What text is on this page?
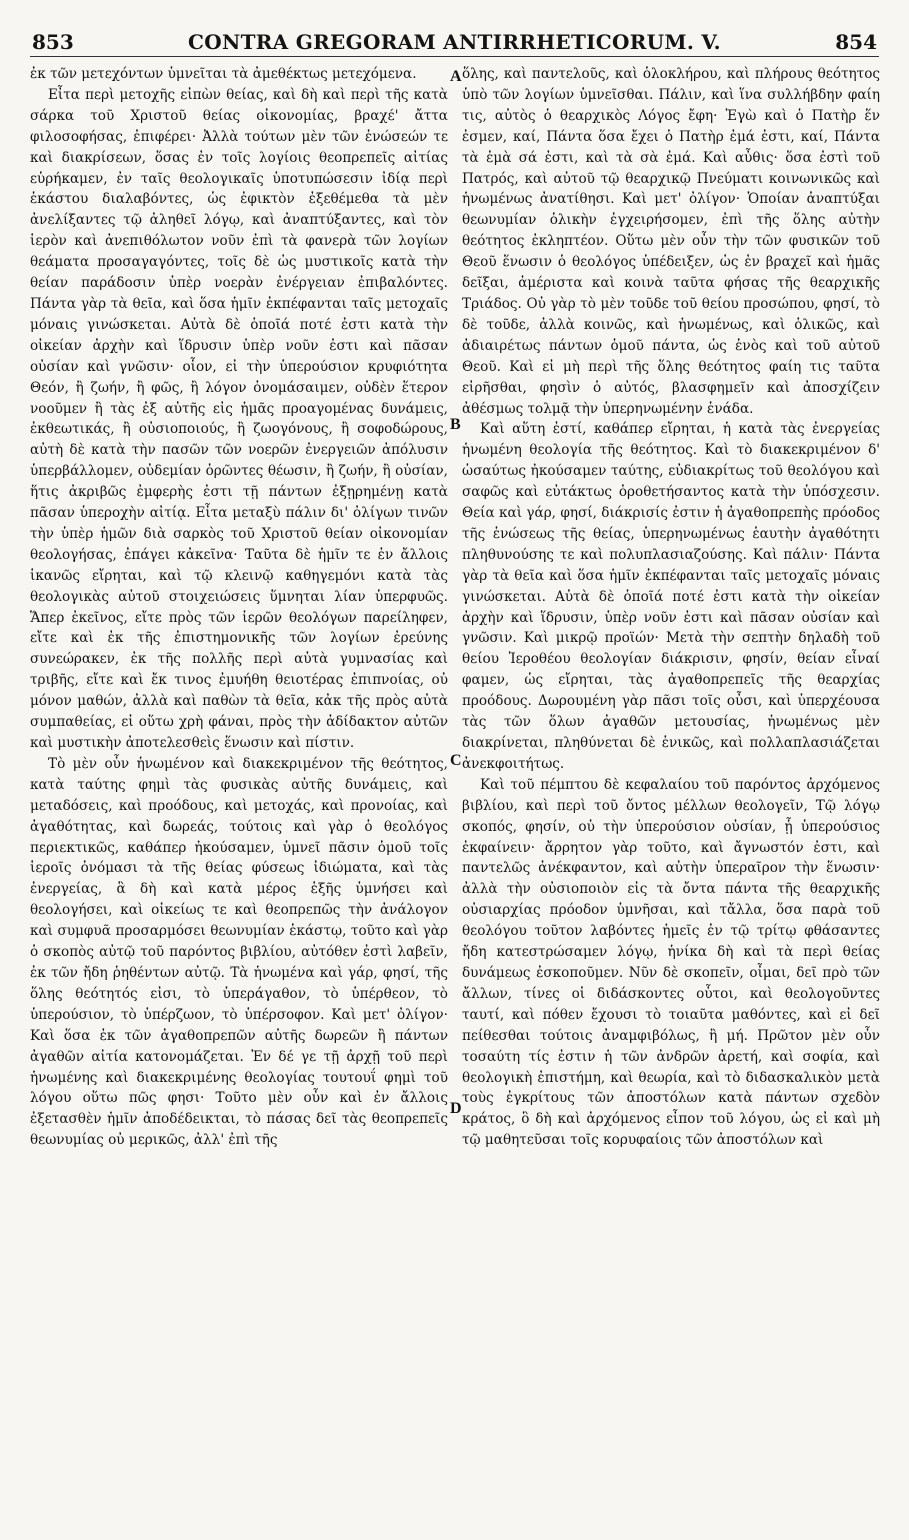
853	CONTRA GREGORAM ANTIRRHETICORUM. V.	854

ἐκ τῶν μετεχόντων ὑμνεῖται τὰ ἀμεθέκτως μετεχόμενα.

Εἶτα περὶ μετοχῆς εἰπὼν θείας, καὶ δὴ καὶ περὶ τῆς κατὰ σάρκα τοῦ Χριστοῦ θείας οἰκονομίας, βραχέ' ἄττα φιλοσοφήσας, ἐπιφέρει· Ἀλλὰ τούτων μὲν τῶν ἑνώσεών τε καὶ διακρίσεων, ὅσας ἐν τοῖς λογίοις θεοπρεπεῖς αἰτίας εὑρήκαμεν, ἐν ταῖς θεολογικαῖς ὑποτυπώσεσιν ἰδίᾳ περὶ ἑκάστου διαλαβόντες, ὡς ἐφικτὸν ἐξεθέμεθα τὰ μὲν ἀνελίξαντες τῷ ἀληθεῖ λόγῳ, καὶ ἀναπτύξαντες, καὶ τὸν ἱερὸν καὶ ἀνεπιθόλωτον νοῦν ἐπὶ τὰ φανερὰ τῶν λογίων θεάματα προσαγαγόντες, τοῖς δὲ ὡς μυστικοῖς κατὰ τὴν θείαν παράδοσιν ὑπὲρ νοερὰν ἐνέργειαν ἐπιβαλόντες. Πάντα γὰρ τὰ θεῖα, καὶ ὅσα ἡμῖν ἐκπέφανται ταῖς μετοχαῖς μόναις γινώσκεται. Αὐτὰ δὲ ὁποῖά ποτέ ἐστι κατὰ τὴν οἰκείαν ἀρχὴν καὶ ἵδρυσιν ὑπὲρ νοῦν ἐστι καὶ πᾶσαν οὐσίαν καὶ γνῶσιν· οἷον, εἰ τὴν ὑπερούσιον κρυφιότητα Θεόν, ἢ ζωήν, ἢ φῶς, ἢ λόγον ὀνομάσαιμεν, οὐδὲν ἕτερον νοοῦμεν ἢ τὰς ἐξ αὐτῆς εἰς ἡμᾶς προαγομένας δυνάμεις, ἐκθεωτικάς, ἢ οὐσιοποιούς, ἢ ζωογόνους, ἢ σοφοδώρους, αὐτὴ δὲ κατὰ τὴν πασῶν τῶν νοερῶν ἐνεργειῶν ἀπόλυσιν ὑπερβάλλομεν, οὐδεμίαν ὁρῶντες θέωσιν, ἢ ζωήν, ἢ οὐσίαν, ἥτις ἀκριβῶς ἐμφερὴς ἐστι τῇ πάντων ἐξῃρημένῃ κατὰ πᾶσαν ὑπεροχὴν αἰτίᾳ. Εἶτα μεταξὺ πάλιν δι' ὀλίγων τινῶν τὴν ὑπὲρ ἡμῶν διὰ σαρκὸς τοῦ Χριστοῦ θείαν οἰκονομίαν θεολογήσας, ἐπάγει κἀκεῖνα· Ταῦτα δὲ ἡμῖν τε ἐν ἄλλοις ἱκανῶς εἴρηται, καὶ τῷ κλεινῷ καθηγεμόνι κατὰ τὰς θεολογικὰς αὐτοῦ στοιχειώσεις ὕμνηται λίαν ὑπερφυῶς. Ἅπερ ἐκεῖνος, εἴτε πρὸς τῶν ἱερῶν θεολόγων παρείληφεν, εἴτε καὶ ἐκ τῆς ἐπιστημονικῆς τῶν λογίων ἐρεύνης συνεώρακεν, ἐκ τῆς πολλῆς περὶ αὐτὰ γυμνασίας καὶ τριβῆς, εἴτε καὶ ἔκ τινος ἐμυήθη θειοτέρας ἐπιπνοίας, οὐ μόνον μαθών, ἀλλὰ καὶ παθὼν τὰ θεῖα, κἀκ τῆς πρὸς αὐτὰ συμπαθείας, εἰ οὕτω χρὴ φάναι, πρὸς τὴν ἀδίδακτον αὐτῶν καὶ μυστικὴν ἀποτελεσθεὶς ἕνωσιν καὶ πίστιν.

Τὸ μὲν οὖν ἡνωμένον καὶ διακεκριμένον τῆς θεότητος, κατὰ ταύτης φημὶ τὰς φυσικὰς αὐτῆς δυνάμεις, καὶ μεταδόσεις, καὶ προόδους, καὶ μετοχάς, καὶ προνοίας, καὶ ἀγαθότητας, καὶ δωρεάς, τούτοις καὶ γὰρ ὁ θεολόγος περιεκτικῶς, καθάπερ ἠκούσαμεν, ὑμνεῖ πᾶσιν ὁμοῦ τοῖς ἱεροῖς ὀνόμασι τὰ τῆς θείας φύσεως ἰδιώματα, καὶ τὰς ἐνεργείας, ἃ δὴ καὶ κατὰ μέρος ἑξῆς ὑμνήσει καὶ θεολογήσει, καὶ οἰκείως τε καὶ θεοπρεπῶς τὴν ἀνάλογον καὶ συμφυᾶ προσαρμόσει θεωνυμίαν ἑκάστῳ, τοῦτο καὶ γὰρ ὁ σκοπὸς αὐτῷ τοῦ παρόντος βιβλίου, αὐτόθεν ἐστὶ λαβεῖν, ἐκ τῶν ἤδη ῥηθέντων αὐτῷ. Τὰ ἡνωμένα καὶ γάρ, φησί, τῆς ὅλης θεότητός εἰσι, τὸ ὑπεράγαθον, τὸ ὑπέρθεον, τὸ ὑπερούσιον, τὸ ὑπέρζωον, τὸ ὑπέρσοφον. Καὶ μετ' ὀλίγον· Καὶ ὅσα ἐκ τῶν ἀγαθοπρεπῶν αὐτῆς δωρεῶν ἢ πάντων ἀγαθῶν αἰτία κατονομάζεται. Ἐν δέ γε τῇ ἀρχῇ τοῦ περὶ ἡνωμένης καὶ διακεκριμένης θεολογίας τουτουΐ φημὶ τοῦ λόγου οὕτω πῶς φησι· Τοῦτο μὲν οὖν καὶ ἐν ἄλλοις ἐξετασθὲν ἡμῖν ἀποδέδεικται, τὸ πάσας δεῖ τὰς θεοπρεπεῖς θεωνυμίας οὐ μερικῶς, ἀλλ' ἐπὶ τῆς

A
B
C
D

ὅλης, καὶ παντελοῦς, καὶ ὁλοκλήρου, καὶ πλήρους θεότητος ὑπὸ τῶν λογίων ὑμνεῖσθαι. Πάλιν, καὶ ἵνα συλλήβδην φαίη τις, αὐτὸς ὁ θεαρχικὸς Λόγος ἔφη· Ἐγὼ καὶ ὁ Πατὴρ ἕν ἐσμεν, καί, Πάντα ὅσα ἔχει ὁ Πατὴρ ἐμά ἐστι, καί, Πάντα τὰ ἐμὰ σά ἐστι, καὶ τὰ σὰ ἐμά. Καὶ αὖθις· ὅσα ἐστὶ τοῦ Πατρός, καὶ αὐτοῦ τῷ θεαρχικῷ Πνεύματι κοινωνικῶς καὶ ἡνωμένως ἀνατίθησι. Καὶ μετ' ὀλίγον· Ὁποίαν ἀναπτύξαι θεωνυμίαν ὁλικὴν ἐγχειρήσομεν, ἐπὶ τῆς ὅλης αὐτὴν θεότητος ἐκληπτέον. Οὕτω μὲν οὖν τὴν τῶν φυσικῶν τοῦ Θεοῦ ἕνωσιν ὁ θεολόγος ὑπέδειξεν, ὡς ἐν βραχεῖ καὶ ἡμᾶς δεῖξαι, ἀμέριστα καὶ κοινὰ ταῦτα φήσας τῆς θεαρχικῆς Τριάδος. Οὐ γὰρ τὸ μὲν τοῦδε τοῦ θείου προσώπου, φησί, τὸ δὲ τοῦδε, ἀλλὰ κοινῶς, καὶ ἡνωμένως, καὶ ὁλικῶς, καὶ ἀδιαιρέτως πάντων ὁμοῦ πάντα, ὡς ἑνὸς καὶ τοῦ αὐτοῦ Θεοῦ. Καὶ εἰ μὴ περὶ τῆς ὅλης θεότητος φαίη τις ταῦτα εἰρῆσθαι, φησὶν ὁ αὐτός, βλασφημεῖν καὶ ἀποσχίζειν ἀθέσμως τολμᾷ τὴν ὑπερηνωμένην ἑνάδα.

Καὶ αὕτη ἐστί, καθάπερ εἴρηται, ἡ κατὰ τὰς ἐνεργείας ἡνωμένη θεολογία τῆς θεότητος. Καὶ τὸ διακεκριμένον δ' ὡσαύτως ἠκούσαμεν ταύτης, εὐδιακρίτως τοῦ θεολόγου καὶ σαφῶς καὶ εὐτάκτως ὁροθετήσαντος κατὰ τὴν ὑπόσχεσιν. Θεία καὶ γάρ, φησί, διάκρισίς ἐστιν ἡ ἀγαθοπρεπὴς πρόοδος τῆς ἑνώσεως τῆς θείας, ὑπερηνωμένως ἑαυτὴν ἀγαθότητι πληθυνούσης τε καὶ πολυπλασιαζούσης. Καὶ πάλιν· Πάντα γὰρ τὰ θεῖα καὶ ὅσα ἡμῖν ἐκπέφανται ταῖς μετοχαῖς μόναις γινώσκεται. Αὐτὰ δὲ ὁποῖά ποτέ ἐστι κατὰ τὴν οἰκείαν ἀρχὴν καὶ ἵδρυσιν, ὑπὲρ νοῦν ἐστι καὶ πᾶσαν οὐσίαν καὶ γνῶσιν. Καὶ μικρῷ προϊών· Μετὰ τὴν σεπτὴν δηλαδὴ τοῦ θείου Ἱεροθέου θεολογίαν διάκρισιν, φησίν, θείαν εἶναί φαμεν, ὡς εἴρηται, τὰς ἀγαθοπρεπεῖς τῆς θεαρχίας προόδους. Δωρουμένη γὰρ πᾶσι τοῖς οὖσι, καὶ ὑπερχέουσα τὰς τῶν ὅλων ἀγαθῶν μετουσίας, ἡνωμένως μὲν διακρίνεται, πληθύνεται δὲ ἑνικῶς, καὶ πολλαπλασιάζεται ἀνεκφοιτήτως.

Καὶ τοῦ πέμπτου δὲ κεφαλαίου τοῦ παρόντος ἀρχόμενος βιβλίου, καὶ περὶ τοῦ ὄντος μέλλων θεολογεῖν, Τῷ λόγῳ σκοπός, φησίν, οὐ τὴν ὑπερούσιον οὐσίαν, ᾗ ὑπερούσιος ἐκφαίνειν· ἄρρητον γὰρ τοῦτο, καὶ ἄγνωστόν ἐστι, καὶ παντελῶς ἀνέκφαντον, καὶ αὐτὴν ὑπεραῖρον τὴν ἕνωσιν· ἀλλὰ τὴν οὐσιοποιὸν εἰς τὰ ὄντα πάντα τῆς θεαρχικῆς οὐσιαρχίας πρόοδον ὑμνῆσαι, καὶ τἄλλα, ὅσα παρὰ τοῦ θεολόγου τοῦτον λαβόντες ἡμεῖς ἐν τῷ τρίτῳ φθάσαντες ἤδη κατεστρώσαμεν λόγῳ, ἡνίκα δὴ καὶ τὰ περὶ θείας δυνάμεως ἐσκοποῦμεν. Νῦν δὲ σκοπεῖν, οἶμαι, δεῖ πρὸ τῶν ἄλλων, τίνες οἱ διδάσκοντες οὗτοι, καὶ θεολογοῦντες ταυτί, καὶ πόθεν ἔχουσι τὸ τοιαῦτα μαθόντες, καὶ εἰ δεῖ πείθεσθαι τούτοις ἀναμφιβόλως, ἢ μή. Πρῶτον μὲν οὖν τοσαύτη τίς ἐστιν ἡ τῶν ἀνδρῶν ἀρετή, καὶ σοφία, καὶ θεολογικὴ ἐπιστήμη, καὶ θεωρία, καὶ τὸ διδασκαλικὸν μετὰ τοὺς ἐγκρίτους τῶν ἀποστόλων κατὰ πάντων σχεδὸν κράτος, ὃ δὴ καὶ ἀρχόμενος εἶπον τοῦ λόγου, ὡς εἰ καὶ μὴ τῷ μαθητεῦσαι τοῖς κορυφαίοις τῶν ἀποστόλων καὶ
